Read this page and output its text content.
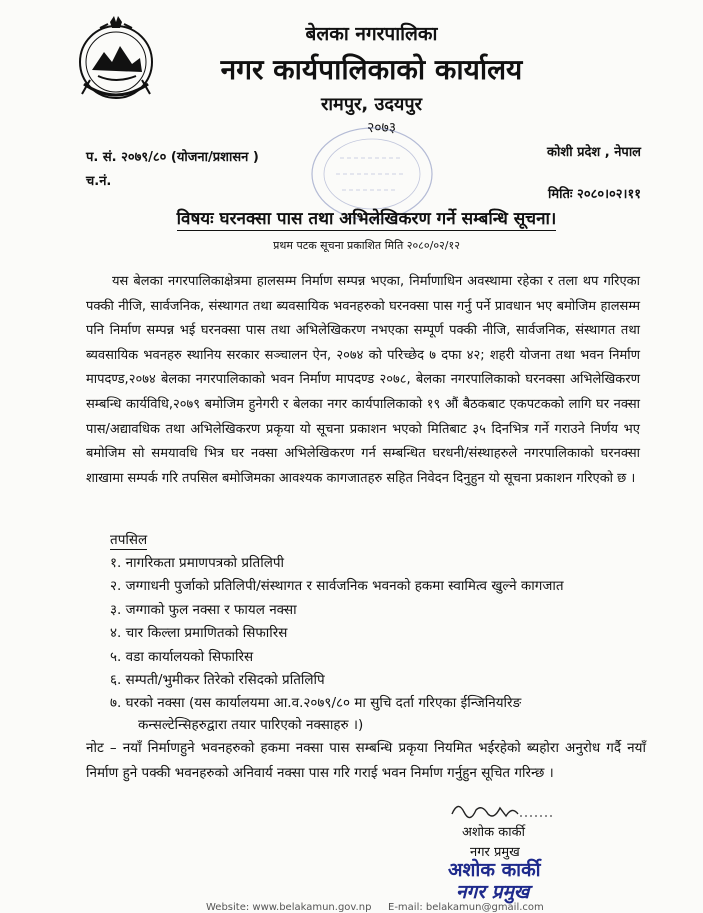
बेलका नगरपालिका
नगर कार्यपालिकाको कार्यालय
रामपुर, उदयपुर
२०७३
प. सं. २०७९/८० (योजना/प्रशासन )
च.नं.
कोशी प्रदेश , नेपाल
मितिः २०८०।०२।११
विषयः घरनक्सा पास तथा अभिलेखिकरण गर्ने सम्बन्धि सूचना।
प्रथम पटक सूचना प्रकाशित मिति २०८०/०२/१२
यस बेलका नगरपालिकाक्षेत्रमा हालसम्म निर्माण सम्पन्न भएका, निर्माणाधिन अवस्थामा रहेका र तला थप गरिएका पक्की नीजि, सार्वजनिक, संस्थागत तथा ब्यवसायिक भवनहरुको घरनक्सा पास गर्नु पर्ने प्रावधान भए बमोजिम हालसम्म पनि निर्माण सम्पन्न भई घरनक्सा पास तथा अभिलेखिकरण नभएका सम्पूर्ण पक्की नीजि, सार्वजनिक, संस्थागत तथा ब्यवसायिक भवनहरु स्थानिय सरकार सञ्चालन ऐन, २०७४ को परिच्छेद ७ दफा ४२; शहरी योजना तथा भवन निर्माण मापदण्ड,२०७४ बेलका नगरपालिकाको भवन निर्माण मापदण्ड २०७८, बेलका नगरपालिकाको घरनक्सा अभिलेखिकरण सम्बन्धि कार्यविधि,२०७९ बमोजिम हुनेगरी र बेलका नगर कार्यपालिकाको १९ औं बैठकबाट एकपटकको लागि घर नक्सा पास/अद्यावधिक तथा अभिलेखिकरण प्रकृया यो सूचना प्रकाशन भएको मितिबाट ३५ दिनभित्र गर्ने गराउने निर्णय भए बमोजिम सो समयावधि भित्र घर नक्सा अभिलेखिकरण गर्न सम्बन्धित घरधनी/संस्थाहरुले नगरपालिकाको घरनक्सा शाखामा सम्पर्क गरि तपसिल बमोजिमका आवश्यक कागजातहरु सहित निवेदन दिनुहुन यो सूचना प्रकाशन गरिएको छ ।
तपसिल
१. नागरिकता प्रमाणपत्रको प्रतिलिपी
२. जग्गाधनी पुर्जाको प्रतिलिपी/संस्थागत र सार्वजनिक भवनको हकमा स्वामित्व खुल्ने कागजात
३. जग्गाको फुल नक्सा र फायल नक्सा
४. चार किल्ला प्रमाणितको सिफारिस
५. वडा कार्यालयको सिफारिस
६. सम्पती/भुमीकर तिरेको रसिदको प्रतिलिपि
७. घरको नक्सा (यस कार्यालयमा आ.व.२०७९/८० मा सुचि दर्ता गरिएका ईन्जिनियरिङ
कन्सल्टेन्सिहरुद्वारा तयार पारिएको नक्साहरु ।)
नोट – नयाँ निर्माणहुने भवनहरुको हकमा नक्सा पास सम्बन्धि प्रकृया नियमित भईरहेको ब्यहोरा अनुरोध गर्दै नयाँ निर्माण हुने पक्की भवनहरुको अनिवार्य नक्सा पास गरि गराई भवन निर्माण गर्नुहुन सूचित गरिन्छ ।
अशोक कार्की
नगर प्रमुख
अशोक कार्की
नगर प्रमुख
Website: www.belakamun.gov.np E-mail: belakamun@gmail.com
